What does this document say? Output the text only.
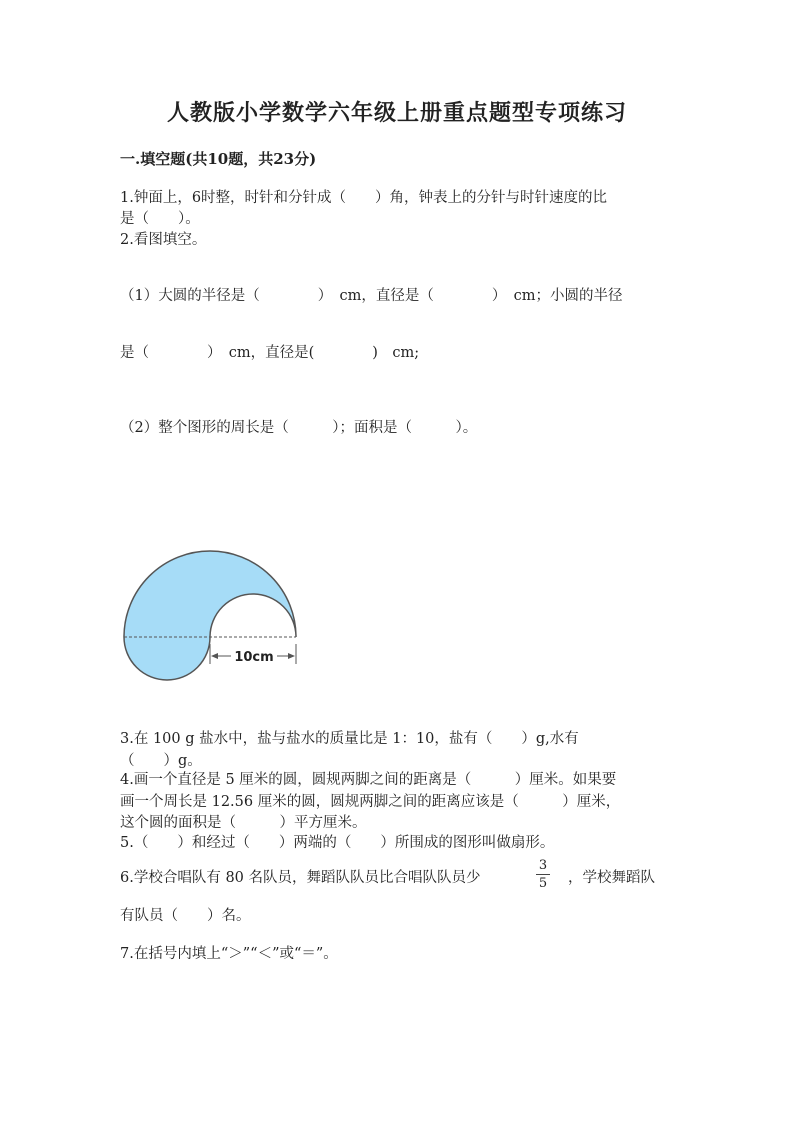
人教版小学数学六年级上册重点题型专项练习
一.填空题(共10题，共23分)
1.钟面上，6时整，时针和分针成（　　）角，钟表上的分针与时针速度的比
是（　　）。
2.看图填空。
（1）大圆的半径是（　　　　）　cm，直径是（　　　　）　cm；小圆的半径
是（　　　　）　cm，直径是(　　　　)　cm;
（2）整个图形的周长是（　　　）；面积是（　　　）。
10cm
3.在 100 g 盐水中，盐与盐水的质量比是 1：10，盐有（　　）g,水有
（　　）g。
4.画一个直径是 5 厘米的圆，圆规两脚之间的距离是（　　　）厘米。如果要
画一个周长是 12.56 厘米的圆，圆规两脚之间的距离应该是（　　　）厘米，
这个圆的面积是（　　　）平方厘米。
5.（　　）和经过（　　）两端的（　　）所围成的图形叫做扇形。
6.学校合唱队有 80 名队员，舞蹈队队员比合唱队队员少
3
5 ，学校舞蹈队
有队员（　　）名。
7.在括号内填上“＞”“＜”或“＝”。
